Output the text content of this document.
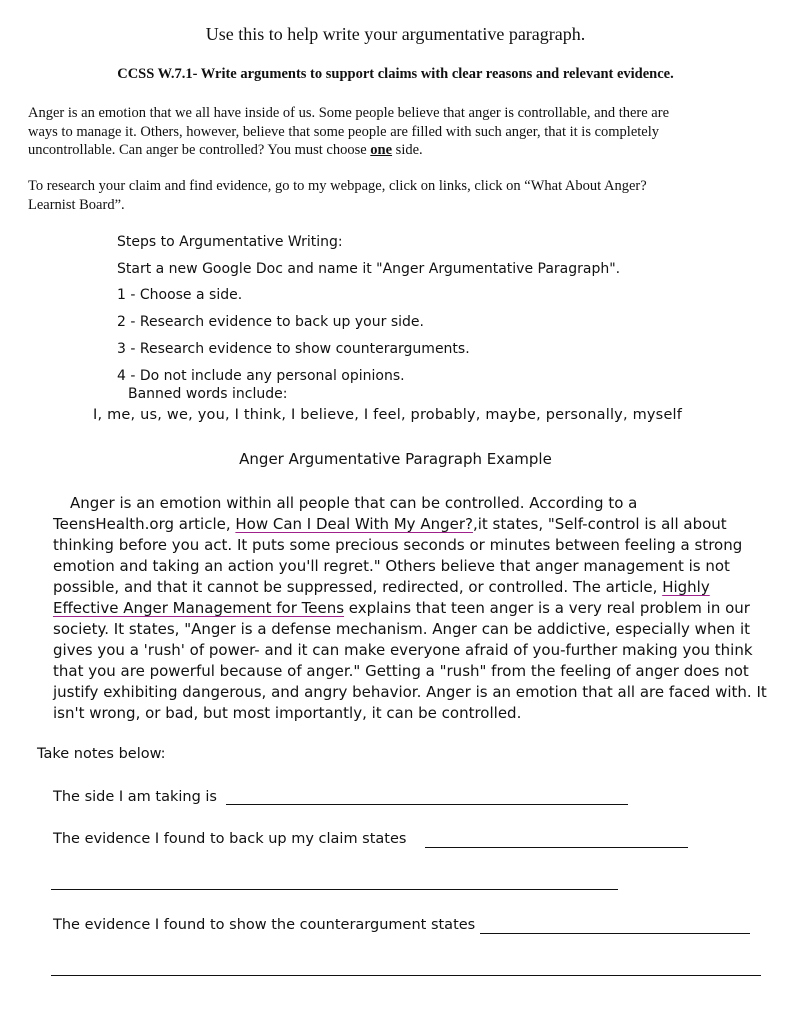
Use this to help write your argumentative paragraph.
CCSS W.7.1- Write arguments to support claims with clear reasons and relevant evidence.
Anger is an emotion that we all have inside of us. Some people believe that anger is controllable, and there are
ways to manage it. Others, however, believe that some people are filled with such anger, that it is completely
uncontrollable. Can anger be controlled? You must choose one side.
To research your claim and find evidence, go to my webpage, click on links, click on “What About Anger?
Learnist Board”.
Steps to Argumentative Writing:
Start a new Google Doc and name it "Anger Argumentative Paragraph".
1 - Choose a side.
2 - Research evidence to back up your side.
3 - Research evidence to show counterarguments.
4 - Do not include any personal opinions.
Banned words include:
I, me, us, we, you, I think, I believe, I feel, probably, maybe, personally, myself
Anger Argumentative Paragraph Example
Anger is an emotion within all people that can be controlled. According to a
TeensHealth.org article, How Can I Deal With My Anger?,it states, "Self-control is all about
thinking before you act. It puts some precious seconds or minutes between feeling a strong
emotion and taking an action you'll regret." Others believe that anger management is not
possible, and that it cannot be suppressed, redirected, or controlled. The article, Highly
Effective Anger Management for Teens explains that teen anger is a very real problem in our
society. It states, "Anger is a defense mechanism. Anger can be addictive, especially when it
gives you a 'rush' of power- and it can make everyone afraid of you-further making you think
that you are powerful because of anger." Getting a "rush" from the feeling of anger does not
justify exhibiting dangerous, and angry behavior. Anger is an emotion that all are faced with. It
isn't wrong, or bad, but most importantly, it can be controlled.
Take notes below:
The side I am taking is
The evidence I found to back up my claim states
The evidence I found to show the counterargument states
